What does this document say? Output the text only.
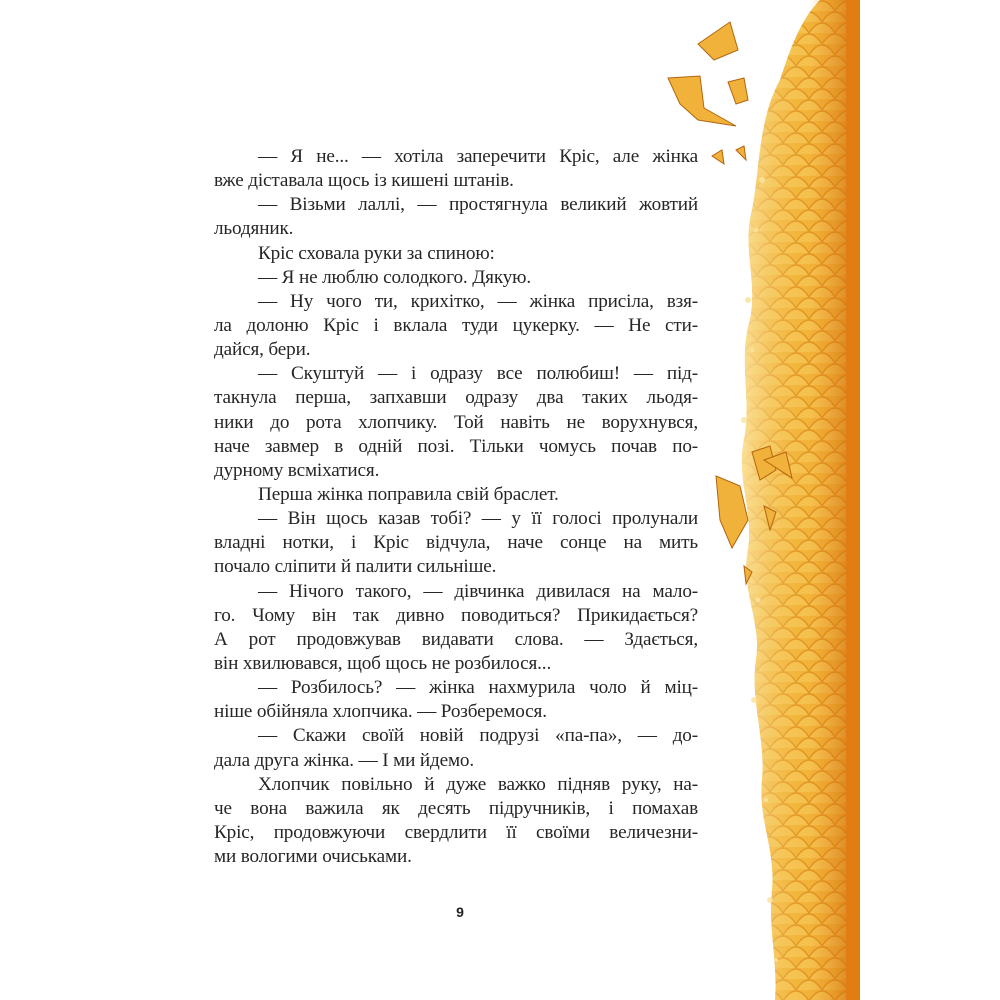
— Я не... — хотіла заперечити Кріс, але жінка
вже діставала щось із кишені штанів.
— Візьми лаллі, — простягнула великий жовтий
льодяник.
Кріс сховала руки за спиною:
— Я не люблю солодкого. Дякую.
— Ну чого ти, крихітко, — жінка присіла, взя-
ла долоню Кріс і вклала туди цукерку. — Не сти-
дайся, бери.
— Скуштуй — і одразу все полюбиш! — під-
такнула перша, запхавши одразу два таких льодя-
ники до рота хлопчику. Той навіть не ворухнувся,
наче завмер в одній позі. Тільки чомусь почав по-
дурному всміхатися.
Перша жінка поправила свій браслет.
— Він щось казав тобі? — у її голосі пролунали
владні нотки, і Кріс відчула, наче сонце на мить
почало сліпити й палити сильніше.
— Нічого такого, — дівчинка дивилася на мало-
го. Чому він так дивно поводиться? Прикидається?
А рот продовжував видавати слова. — Здається,
він хвилювався, щоб щось не розбилося...
— Розбилось? — жінка нахмурила чоло й міц-
ніше обійняла хлопчика. — Розберемося.
— Скажи своїй новій подрузі «па-па», — до-
дала друга жінка. — І ми йдемо.
Хлопчик повільно й дуже важко підняв руку, на-
че вона важила як десять підручників, і помахав
Кріс, продовжуючи свердлити її своїми величезни-
ми вологими очиськами.
9
